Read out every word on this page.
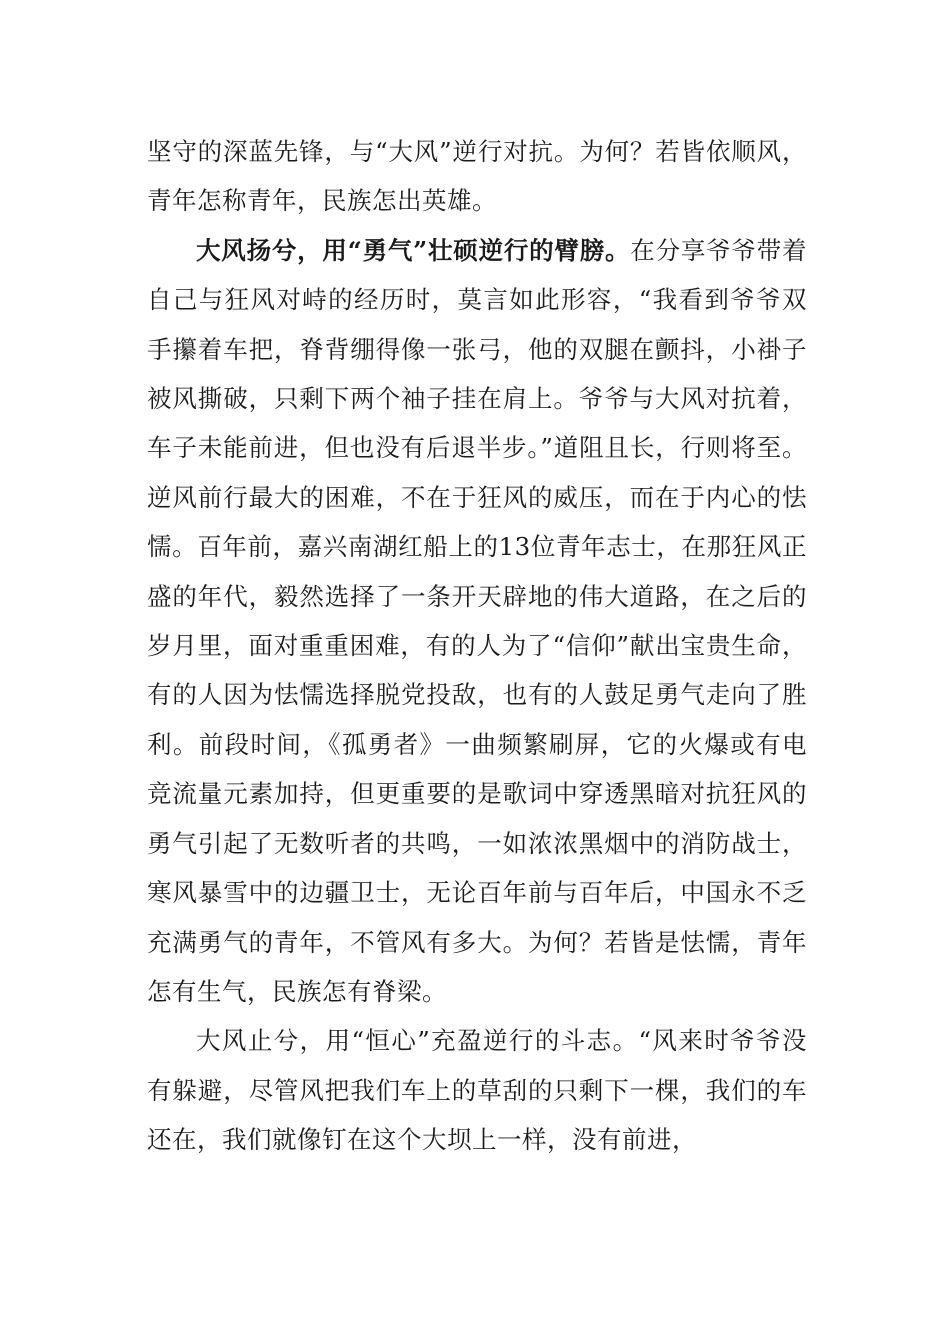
坚守的深蓝先锋，与“大风”逆行对抗。为何？若皆依顺风，青年怎称青年，民族怎出英雄。

大风扬兮，用“勇气”壮硕逆行的臂膀。在分享爷爷带着自己与狂风对峙的经历时，莫言如此形容，“我看到爷爷双手攥着车把，脊背绷得像一张弓，他的双腿在颤抖，小褂子被风撕破，只剩下两个袖子挂在肩上。爷爷与大风对抗着，车子未能前进，但也没有后退半步。”道阻且长，行则将至。逆风前行最大的困难，不在于狂风的威压，而在于内心的怯懦。百年前，嘉兴南湖红船上的13位青年志士，在那狂风正盛的年代，毅然选择了一条开天辟地的伟大道路，在之后的岁月里，面对重重困难，有的人为了“信仰”献出宝贵生命，有的人因为怯懦选择脱党投敌，也有的人鼓足勇气走向了胜利。前段时间，《孤勇者》一曲频繁刷屏，它的火爆或有电竞流量元素加持，但更重要的是歌词中穿透黑暗对抗狂风的勇气引起了无数听者的共鸣，一如浓浓黑烟中的消防战士，寒风暴雪中的边疆卫士，无论百年前与百年后，中国永不乏充满勇气的青年，不管风有多大。为何？若皆是怯懦，青年怎有生气，民族怎有脊梁。

大风止兮，用“恒心”充盈逆行的斗志。“风来时爷爷没有躲避，尽管风把我们车上的草刮的只剩下一棵，我们的车还在，我们就像钉在这个大坝上一样，没有前进，
